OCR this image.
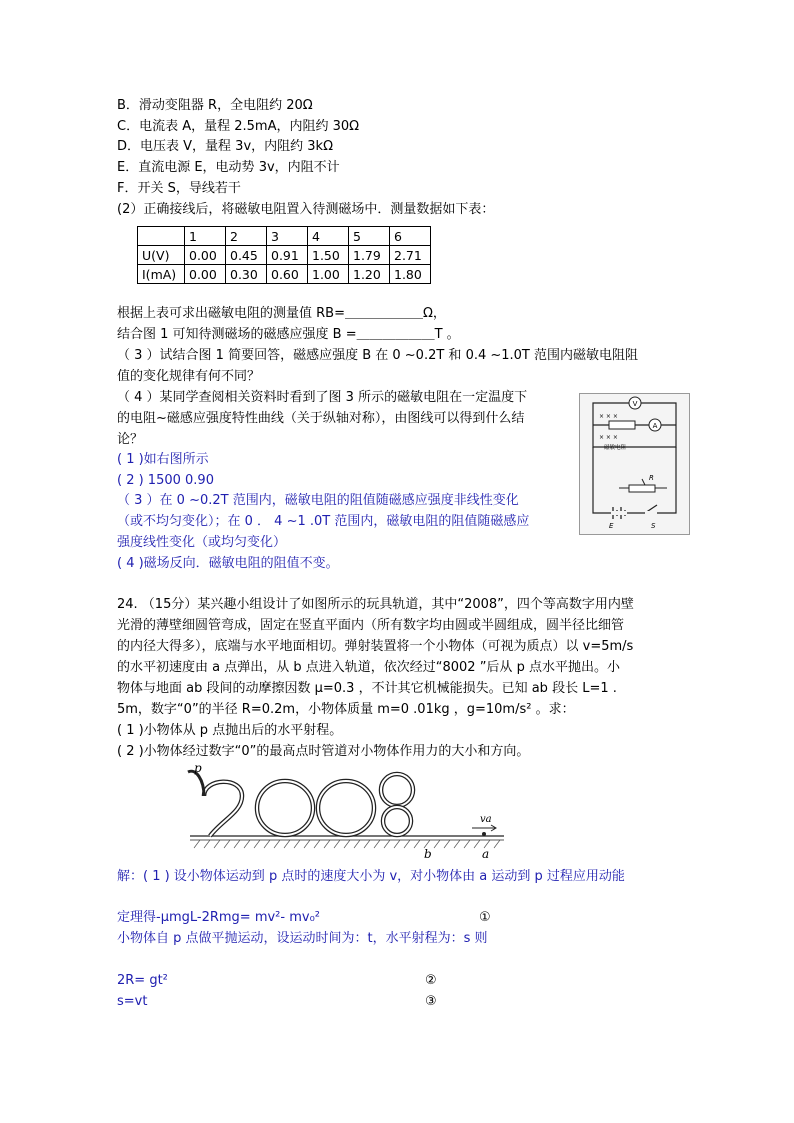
B．滑动变阻器 R，全电阻约 20Ω
C．电流表 A，量程 2.5mA，内阻约 30Ω
D．电压表 V，量程 3v，内阻约 3kΩ
E．直流电源 E，电动势 3v，内阻不计
F．开关 S，导线若干
(2）正确接线后，将磁敏电阻置入待测磁场中．测量数据如下表：
	1	2	3	4	5	6
U(V)	0.00	0.45	0.91	1.50	1.79	2.71
I(mA)	0.00	0.30	0.60	1.00	1.20	1.80
根据上表可求出磁敏电阻的测量值 RB=＿＿＿＿＿＿Ω，
结合图 1 可知待测磁场的磁感应强度 B =＿＿＿＿＿＿T 。
（ 3 ）试结合图 1 简要回答，磁感应强度 B 在 0 ~0.2T 和 0.4 ~1.0T 范围内磁敏电阻阻
值的变化规律有何不同？
（ 4 ）某同学查阅相关资料时看到了图 3 所示的磁敏电阻在一定温度下
的电阻~磁感应强度特性曲线（关于纵轴对称），由图线可以得到什么结
论？
( 1 )如右图所示
( 2 ) 1500 0.90
（ 3 ）在 0 ~0.2T 范围内，磁敏电阻的阻值随磁感应强度非线性变化
（或不均匀变化）；在 0 ． 4 ~1 .0T 范围内，磁敏电阻的阻值随磁感应
强度线性变化（或均匀变化）
( 4 )磁场反向．磁敏电阻的阻值不变。
V
A
× × ×
× × ×
磁敏电阻
R
E	S
24. （15分）某兴趣小组设计了如图所示的玩具轨道，其中“2008”，四个等高数字用内壁
光滑的薄壁细圆管弯成，固定在竖直平面内（所有数字均由圆或半圆组成，圆半径比细管
的内径大得多），底端与水平地面相切。弹射装置将一个小物体（可视为质点）以 v=5m/s
的水平初速度由 a 点弹出，从 b 点进入轨道，依次经过“8002 ”后从 p 点水平抛出。小
物体与地面 ab 段间的动摩擦因数 μ=0.3 ，不计其它机械能损失。已知 ab 段长 L=1 .
5m，数字“0”的半径 R=0.2m，小物体质量 m=0 .01kg ，g=10m/s² 。求：
( 1 )小物体从 p 点抛出后的水平射程。
( 2 )小物体经过数字“0”的最高点时管道对小物体作用力的大小和方向。
p
b	a
va
解：( 1 ) 设小物体运动到 p 点时的速度大小为 v，对小物体由 a 运动到 p 过程应用动能
定理得-μmgL-2Rmg= mv²- mv₀²	①
小物体自 p 点做平抛运动，设运动时间为：t，水平射程为：s 则
2R= gt²	②
s=vt	③
